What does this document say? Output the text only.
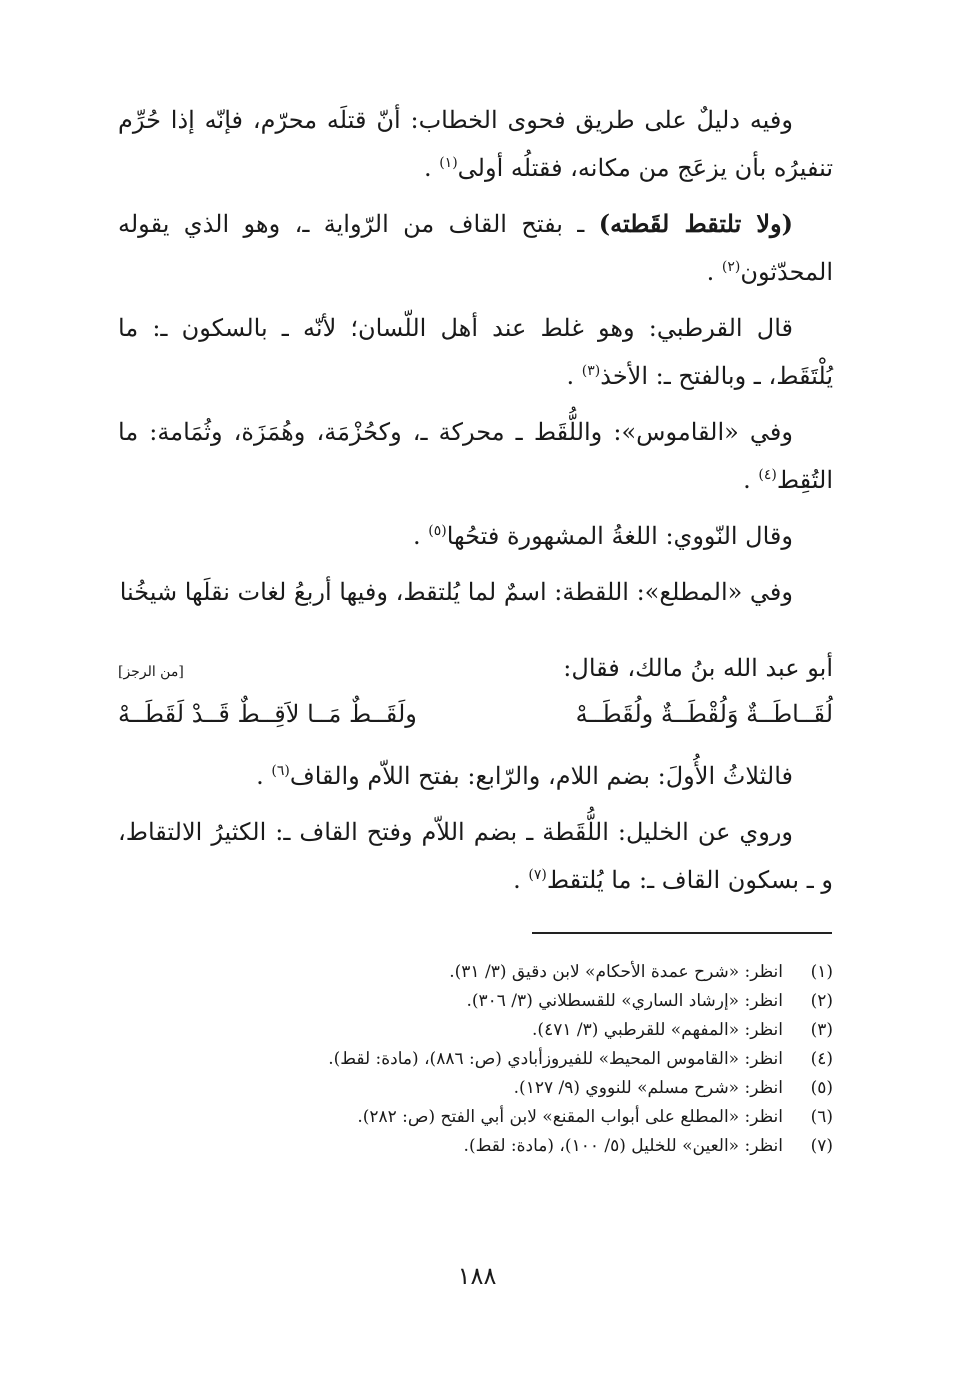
وفيه دليلٌ على طريق فحوى الخطاب: أنّ قتلَه محرّم، فإنّه إذا حُرِّم تنفيرُه بأن يزعَج من مكانه، فقتلُه أولى$^{(١)}$ .

(ولا تلتقط لقَطته) ـ بفتح القاف من الرّواية ـ، وهو الذي يقوله المحدّثون$^{(٢)}$ .

قال القرطبي: وهو غلط عند أهل اللّسان؛ لأنّه ـ بالسكون ـ: ما يُلْتَقَط، ـ وبالفتح ـ: الأخذ$^{(٣)}$ .

وفي «القاموس»: واللُّقَط ـ محركة ـ، وكحُزْمَة، وهُمَزَة، وثُمَامة: ما التُقِط$^{(٤)}$ .

وقال النّووي: اللغةُ المشهورة فتحُها$^{(٥)}$ .

وفي «المطلع»: اللقطة: اسمٌ لما يُلتقط، وفيها أربعُ لغات نقلَها شيخُنا

أبو عبد الله بنُ مالك، فقال:
[من الرجز]
لُقَــاطَــةٌ وَلُقْطَــةٌ ولُقَطَــهْ
ولَقَــطٌ مَــا لاَقِــطٌ قَــدْ لَقَطَــهْ

فالثلاثُ الأُولَ: بضم اللام، والرّابع: بفتح اللاّم والقاف$^{(٦)}$ .

وروي عن الخليل: اللُّقَطة ـ بضم اللاّم وفتح القاف ـ: الكثيرُ الالتقاط، و ـ بسكون القاف ـ: ما يُلتقط$^{(٧)}$ .

(١)
انظر: «شرح عمدة الأحكام» لابن دقيق (٣/ ٣١).
(٢)
انظر: «إرشاد الساري» للقسطلاني (٣/ ٣٠٦).
(٣)
انظر: «المفهم» للقرطبي (٣/ ٤٧١).
(٤)
انظر: «القاموس المحيط» للفيروزأبادي (ص: ٨٨٦)، (مادة: لقط).
(٥)
انظر: «شرح مسلم» للنووي (٩/ ١٢٧).
(٦)
انظر: «المطلع على أبواب المقنع» لابن أبي الفتح (ص: ٢٨٢).
(٧)
انظر: «العين» للخليل (٥/ ١٠٠)، (مادة: لقط).
١٨٨
